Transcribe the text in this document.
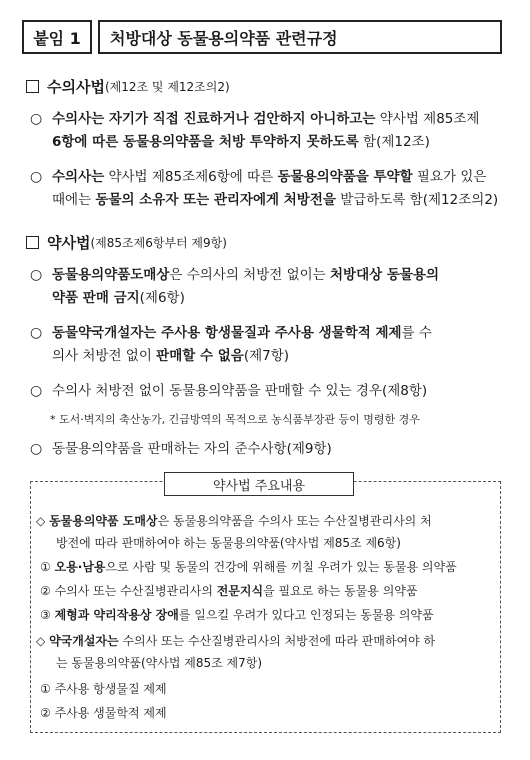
붙임 1	처방대상 동물용의약품 관련규정
수의사법 (제12조 및 제12조의2)
○ 수의사는 자기가 직접 진료하거나 검안하지 아니하고는 약사법 제85조제
6항에 따른 동물용의약품을 처방 투약하지 못하도록 함(제12조)
○ 수의사는 약사법 제85조제6항에 따른 동물용의약품을 투약할 필요가 있은
때에는 동물의 소유자 또는 관리자에게 처방전을 발급하도록 함(제12조의2)
약사법 (제85조제6항부터 제9항)
○ 동물용의약품도매상은 수의사의 처방전 없이는 처방대상 동물용의
약품 판매 금지(제6항)
○ 동물약국개설자는 주사용 항생물질과 주사용 생물학적 제제를 수
의사 처방전 없이 판매할 수 없음(제7항)
○ 수의사 처방전 없이 동물용의약품을 판매할 수 있는 경우(제8항)
* 도서·벽지의 축산농가, 긴급방역의 목적으로 농식품부장관 등이 명령한 경우
○ 동물용의약품을 판매하는 자의 준수사항(제9항)
약사법 주요내용
◇ 동물용의약품 도매상은 동물용의약품을 수의사 또는 수산질병관리사의 처
방전에 따라 판매하여야 하는 동물용의약품(약사법 제85조 제6항)
① 오용·남용으로 사람 및 동물의 건강에 위해를 끼칠 우려가 있는 동물용 의약품
② 수의사 또는 수산질병관리사의 전문지식을 필요로 하는 동물용 의약품
③ 제형과 약리작용상 장애를 일으킬 우려가 있다고 인정되는 동물용 의약품
◇ 약국개설자는 수의사 또는 수산질병관리사의 처방전에 따라 판매하여야 하
는 동물용의약품(약사법 제85조 제7항)
① 주사용 항생물질 제제
② 주사용 생물학적 제제
